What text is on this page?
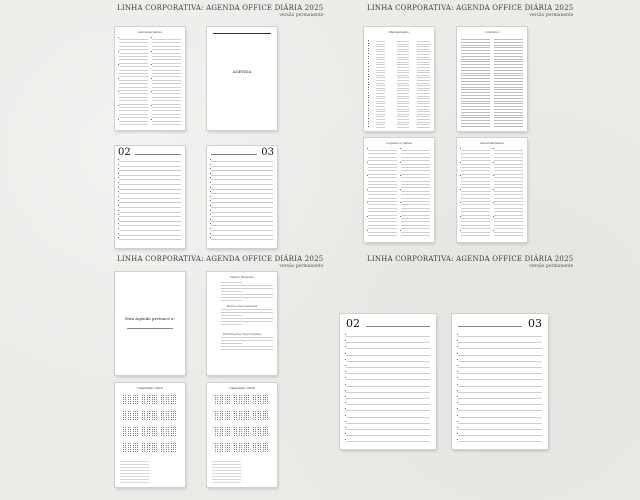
LINHA CORPORATIVA: AGENDA OFFICE DIÁRIA 2025
versão permanente
LINHA CORPORATIVA: AGENDA OFFICE DIÁRIA 2025
versão permanente
LINHA CORPORATIVA: AGENDA OFFICE DIÁRIA 2025
versão permanente
LINHA CORPORATIVA: AGENDA OFFICE DIÁRIA 2025
versão permanente
Aniversariantes
AGENDA
02	03
Planejamento	Contatos
Lugares e visitas	Aniversariantes
Esta Agenda pertence a:
Dados Pessoais
Dados emergenciais
Informações importantes
Calendário 2025	Calendário 2026
02	03
